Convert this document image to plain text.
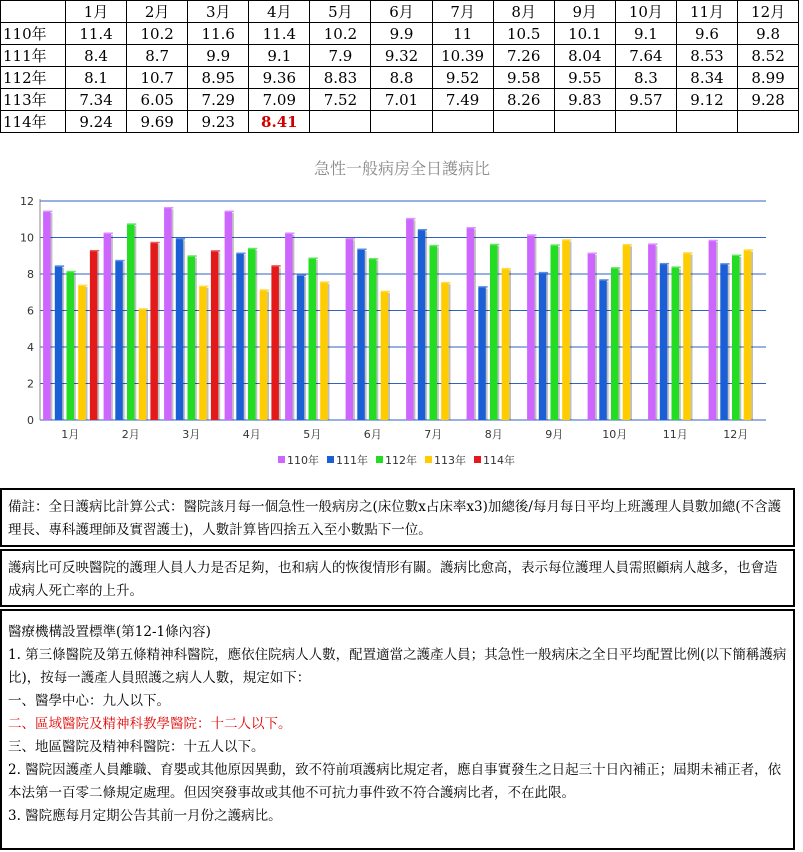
	1月	2月	3月	4月	5月	6月	7月	8月	9月	10月	11月	12月
110年	11.4	10.2	11.6	11.4	10.2	9.9	11	10.5	10.1	9.1	9.6	9.8
111年	8.4	8.7	9.9	9.1	7.9	9.32	10.39	7.26	8.04	7.64	8.53	8.52
112年	8.1	10.7	8.95	9.36	8.83	8.8	9.52	9.58	9.55	8.3	8.34	8.99
113年	7.34	6.05	7.29	7.09	7.52	7.01	7.49	8.26	9.83	9.57	9.12	9.28
114年	9.24	9.69	9.23	8.41								
急性一般病房全日護病比
0
2
4
6
8
10
12
1月	2月	3月	4月	5月	6月	7月	8月	9月	10月	11月	12月
110年 111年 112年 113年 114年
備註：全日護病比計算公式：醫院該月每一個急性一般病房之(床位數x占床率x3)加總後/每月每日平均上班護理人員數加總(不含護理長、專科護理師及實習護士)，人數計算皆四捨五入至小數點下一位。
護病比可反映醫院的護理人員人力是否足夠，也和病人的恢復情形有關。護病比愈高，表示每位護理人員需照顧病人越多，也會造成病人死亡率的上升。
醫療機構設置標準(第12-1條內容)
1. 第三條醫院及第五條精神科醫院，應依住院病人人數，配置適當之護產人員；其急性一般病床之全日平均配置比例(以下簡稱護病比)，按每一護產人員照護之病人人數，規定如下：
一、醫學中心：九人以下。
二、區域醫院及精神科教學醫院：十二人以下。
三、地區醫院及精神科醫院：十五人以下。
2. 醫院因護產人員離職、育嬰或其他原因異動，致不符前項護病比規定者，應自事實發生之日起三十日內補正；屆期未補正者，依本法第一百零二條規定處理。但因突發事故或其他不可抗力事件致不符合護病比者，不在此限。
3. 醫院應每月定期公告其前一月份之護病比。
